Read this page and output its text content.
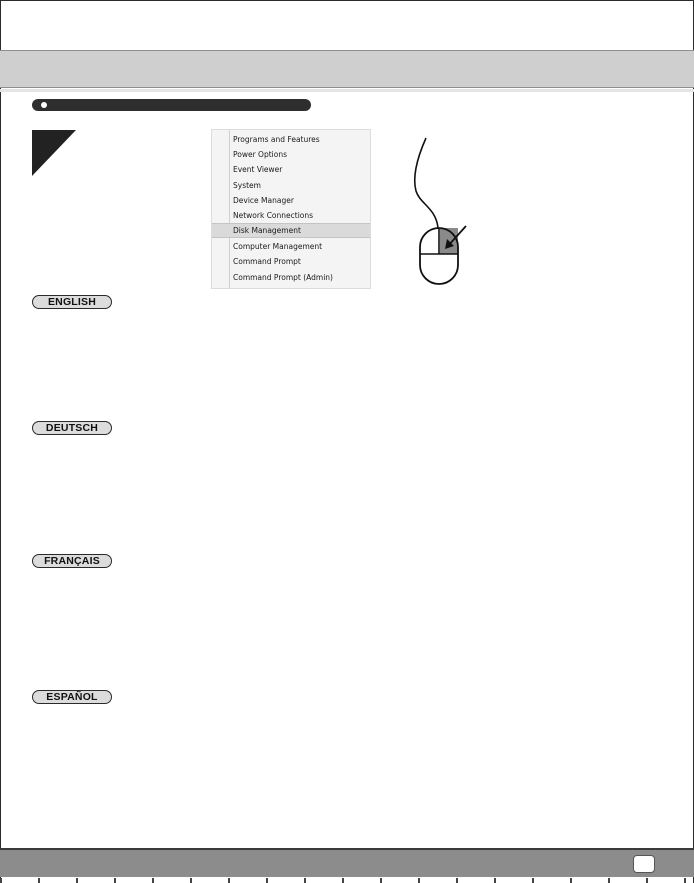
Programs and Features
Power Options
Event Viewer
System
Device Manager
Network Connections
Disk Management
Computer Management
Command Prompt
Command Prompt (Admin)
ENGLISH
DEUTSCH
FRANÇAIS
ESPAÑOL
